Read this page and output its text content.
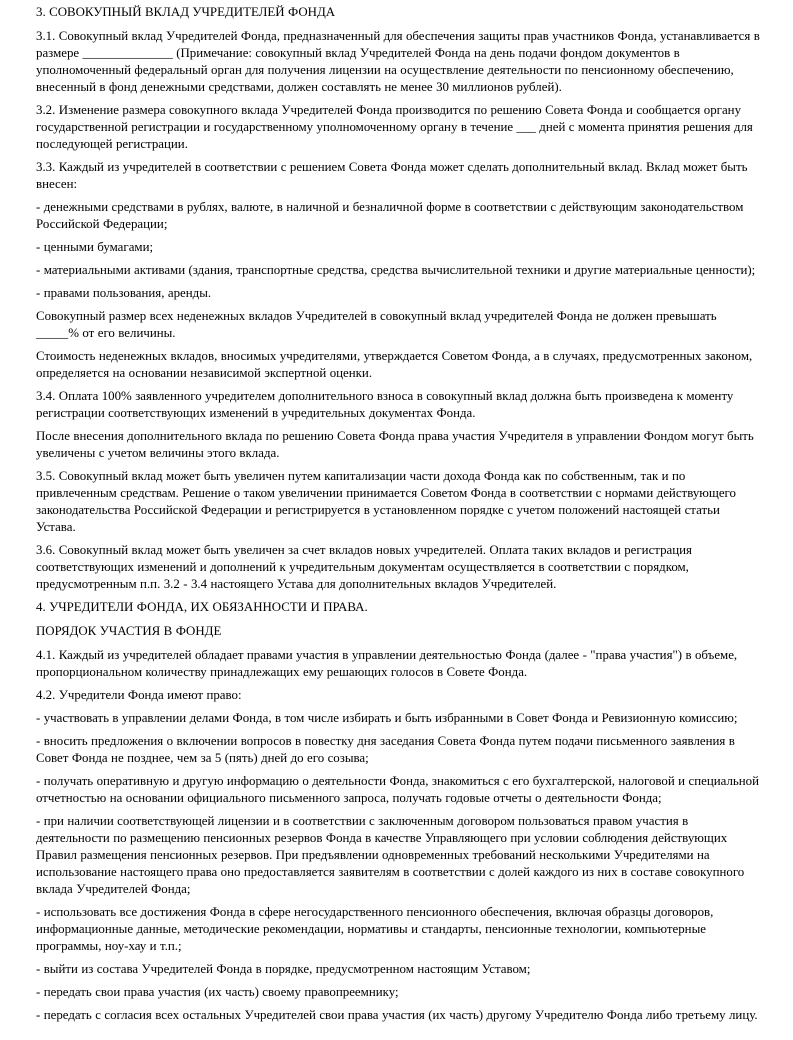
3. СОВОКУПНЫЙ ВКЛАД УЧРЕДИТЕЛЕЙ ФОНДА

3.1. Совокупный вклад Учредителей Фонда, предназначенный для обеспечения защиты прав участников Фонда, устанавливается в размере ______________ (Примечание: совокупный вклад Учредителей Фонда на день подачи фондом документов в уполномоченный федеральный орган для получения лицензии на осуществление деятельности по пенсионному обеспечению, внесенный в фонд денежными средствами, должен составлять не менее 30 миллионов рублей).

3.2. Изменение размера совокупного вклада Учредителей Фонда производится по решению Совета Фонда и сообщается органу государственной регистрации и государственному уполномоченному органу в течение ___ дней с момента принятия решения для последующей регистрации.

3.3. Каждый из учредителей в соответствии с решением Совета Фонда может сделать дополнительный вклад. Вклад может быть внесен:

- денежными средствами в рублях, валюте, в наличной и безналичной форме в соответствии с действующим законодательством Российской Федерации;

- ценными бумагами;

- материальными активами (здания, транспортные средства, средства вычислительной техники и другие материальные ценности);

- правами пользования, аренды.

Совокупный размер всех неденежных вкладов Учредителей в совокупный вклад учредителей Фонда не должен превышать _____% от его величины.

Стоимость неденежных вкладов, вносимых учредителями, утверждается Советом Фонда, а в случаях, предусмотренных законом, определяется на основании независимой экспертной оценки.

3.4. Оплата 100% заявленного учредителем дополнительного взноса в совокупный вклад должна быть произведена к моменту регистрации соответствующих изменений в учредительных документах Фонда.

После внесения дополнительного вклада по решению Совета Фонда права участия Учредителя в управлении Фондом могут быть увеличены с учетом величины этого вклада.

3.5. Совокупный вклад может быть увеличен путем капитализации части дохода Фонда как по собственным, так и по привлеченным средствам. Решение о таком увеличении принимается Советом Фонда в соответствии с нормами действующего законодательства Российской Федерации и регистрируется в установленном порядке с учетом положений настоящей статьи Устава.

3.6. Совокупный вклад может быть увеличен за счет вкладов новых учредителей. Оплата таких вкладов и регистрация соответствующих изменений и дополнений к учредительным документам осуществляется в соответствии с порядком, предусмотренным п.п. 3.2 - 3.4 настоящего Устава для дополнительных вкладов Учредителей.

4. УЧРЕДИТЕЛИ ФОНДА, ИХ ОБЯЗАННОСТИ И ПРАВА.

ПОРЯДОК УЧАСТИЯ В ФОНДЕ

4.1. Каждый из учредителей обладает правами участия в управлении деятельностью Фонда (далее - "права участия") в объеме, пропорциональном количеству принадлежащих ему решающих голосов в Совете Фонда.

4.2. Учредители Фонда имеют право:

- участвовать в управлении делами Фонда, в том числе избирать и быть избранными в Совет Фонда и Ревизионную комиссию;

- вносить предложения о включении вопросов в повестку дня заседания Совета Фонда путем подачи письменного заявления в Совет Фонда не позднее, чем за 5 (пять) дней до его созыва;

- получать оперативную и другую информацию о деятельности Фонда, знакомиться с его бухгалтерской, налоговой и специальной отчетностью на основании официального письменного запроса, получать годовые отчеты о деятельности Фонда;

- при наличии соответствующей лицензии и в соответствии с заключенным договором пользоваться правом участия в деятельности по размещению пенсионных резервов Фонда в качестве Управляющего при условии соблюдения действующих Правил размещения пенсионных резервов. При предъявлении одновременных требований несколькими Учредителями на использование настоящего права оно предоставляется заявителям в соответствии с долей каждого из них в составе совокупного вклада Учредителей Фонда;

- использовать все достижения Фонда в сфере негосударственного пенсионного обеспечения, включая образцы договоров, информационные данные, методические рекомендации, нормативы и стандарты, пенсионные технологии, компьютерные программы, ноу-хау и т.п.;

- выйти из состава Учредителей Фонда в порядке, предусмотренном настоящим Уставом;

- передать свои права участия (их часть) своему правопреемнику;

- передать с согласия всех остальных Учредителей свои права участия (их часть) другому Учредителю Фонда либо третьему лицу.
